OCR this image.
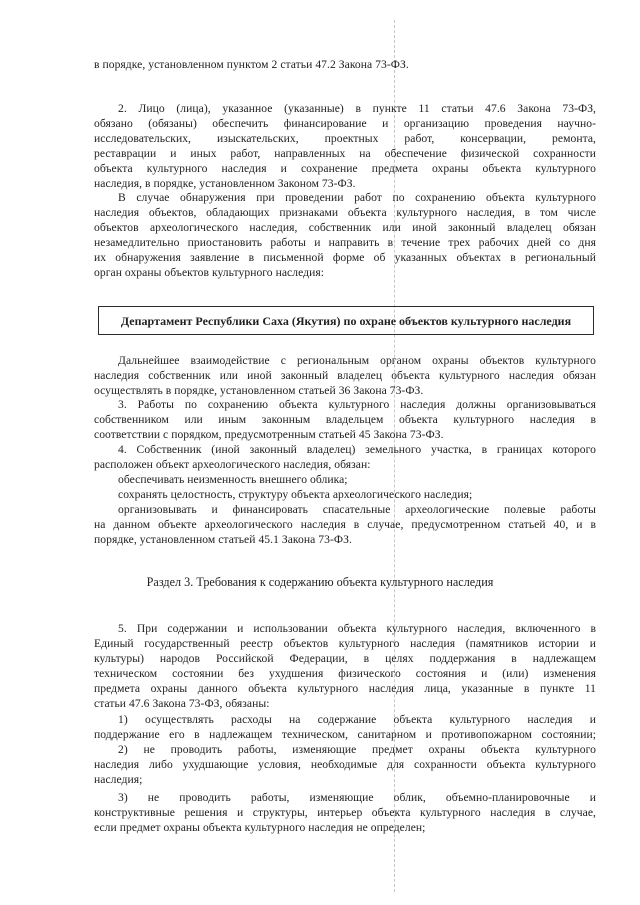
в порядке, установленном пунктом 2 статьи 47.2 Закона 73-ФЗ.
2. Лицо (лица), указанное (указанные) в пункте 11 статьи 47.6 Закона 73-ФЗ,
обязано (обязаны) обеспечить финансирование и организацию проведения научно-
исследовательских, изыскательских, проектных работ, консервации, ремонта,
реставрации и иных работ, направленных на обеспечение физической сохранности
объекта культурного наследия и сохранение предмета охраны объекта культурного
наследия, в порядке, установленном Законом 73-ФЗ.
В случае обнаружения при проведении работ по сохранению объекта культурного
наследия объектов, обладающих признаками объекта культурного наследия, в том числе
объектов археологического наследия, собственник или иной законный владелец обязан
незамедлительно приостановить работы и направить в течение трех рабочих дней со дня
их обнаружения заявление в письменной форме об указанных объектах в региональный
орган охраны объектов культурного наследия:
Департамент Республики Саха (Якутия) по охране объектов культурного наследия
Дальнейшее взаимодействие с региональным органом охраны объектов культурного
наследия собственник или иной законный владелец объекта культурного наследия обязан
осуществлять в порядке, установленном статьей 36 Закона 73-ФЗ.
3. Работы по сохранению объекта культурного наследия должны организовываться
собственником или иным законным владельцем объекта культурного наследия в
соответствии с порядком, предусмотренным статьей 45 Закона 73-ФЗ.
4. Собственник (иной законный владелец) земельного участка, в границах которого
расположен объект археологического наследия, обязан:
обеспечивать неизменность внешнего облика;
сохранять целостность, структуру объекта археологического наследия;
организовывать и финансировать спасательные археологические полевые работы
на данном объекте археологического наследия в случае, предусмотренном статьей 40, и в
порядке, установленном статьей 45.1 Закона 73-ФЗ.
Раздел 3. Требования к содержанию объекта культурного наследия
5. При содержании и использовании объекта культурного наследия, включенного в
Единый государственный реестр объектов культурного наследия (памятников истории и
культуры) народов Российской Федерации, в целях поддержания в надлежащем
техническом состоянии без ухудшения физического состояния и (или) изменения
предмета охраны данного объекта культурного наследия лица, указанные в пункте 11
статьи 47.6 Закона 73-ФЗ, обязаны:
1) осуществлять расходы на содержание объекта культурного наследия и
поддержание его в надлежащем техническом, санитарном и противопожарном состоянии;
2) не проводить работы, изменяющие предмет охраны объекта культурного
наследия либо ухудшающие условия, необходимые для сохранности объекта культурного
наследия;
3) не проводить работы, изменяющие облик, объемно-планировочные и
конструктивные решения и структуры, интерьер объекта культурного наследия в случае,
если предмет охраны объекта культурного наследия не определен;
